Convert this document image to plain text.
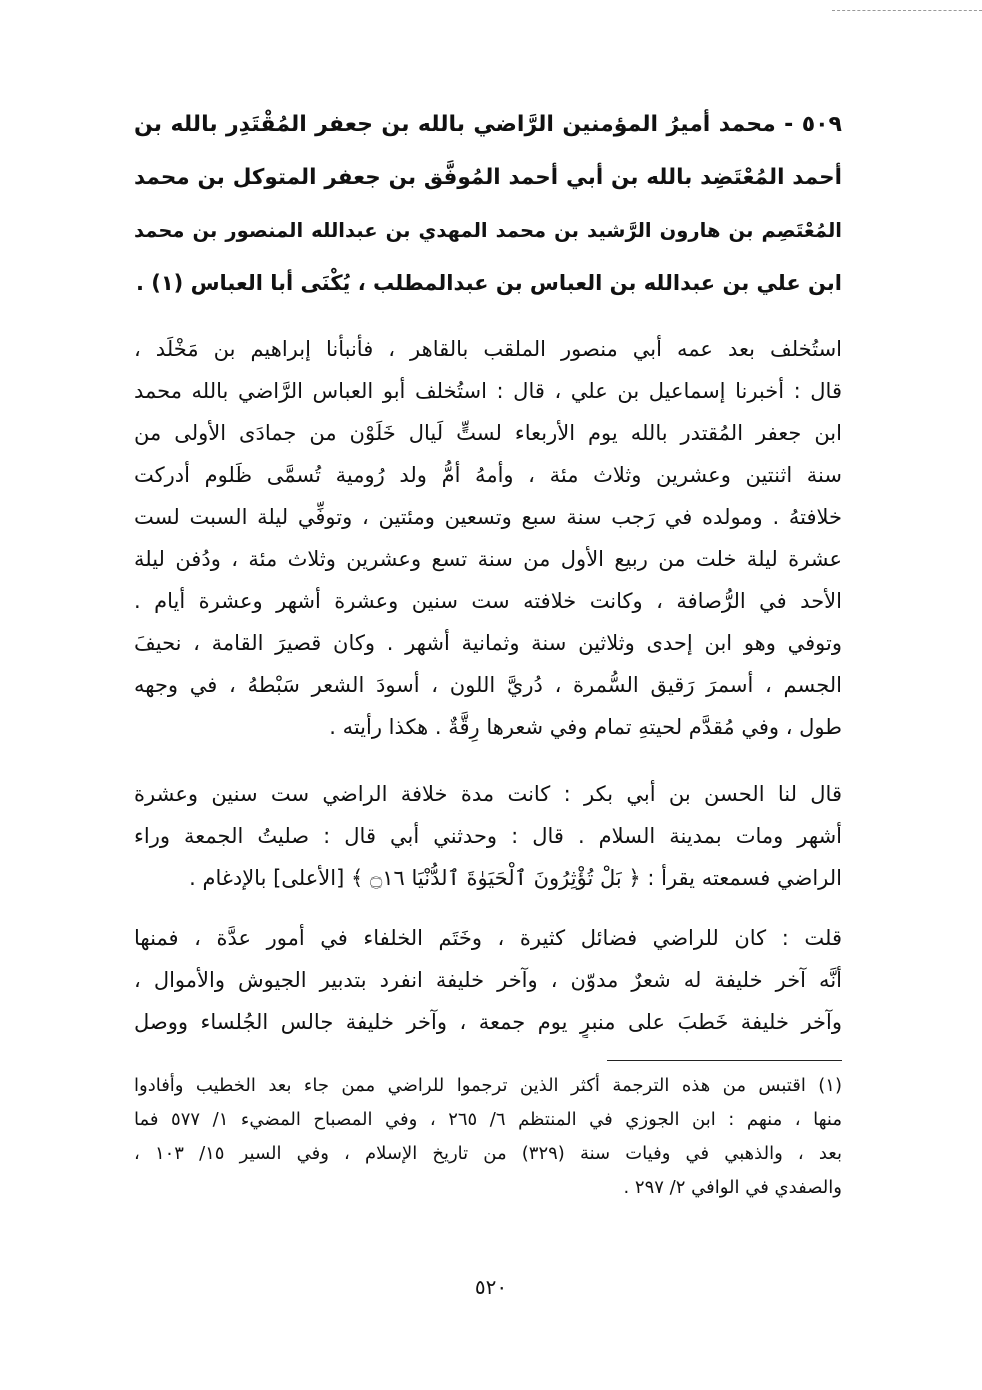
٥٠٩ - محمد أميرُ المؤمنين الرَّاضي بالله بن جعفر المُقْتَدِر بالله بن
أحمد المُعْتَضِد بالله بن أبي أحمد المُوفَّق بن جعفر المتوكل بن محمد
المُعْتَصِم بن هارون الرَّشيد بن محمد المهدي بن عبدالله المنصور بن محمد
ابن علي بن عبدالله بن العباس بن عبدالمطلب ، يُكْنَى أبا العباس (١) .
استُخلف بعد عمه أبي منصور الملقب بالقاهر ، فأنبأنا إبراهيم بن مَخْلَد ،
قال : أخبرنا إسماعيل بن علي ، قال : استُخلف أبو العباس الرَّاضي بالله محمد
ابن جعفر المُقتدر بالله يوم الأربعاء لستٍّ لَيال خَلَوْن من جمادَى الأولى من
سنة اثنتين وعشرين وثلاث مئة ، وأمهُ أمُّ ولد رُومية تُسمَّى ظَلوم أدركت
خلافتهُ . ومولده في رَجب سنة سبع وتسعين ومئتين ، وتوفِّي ليلة السبت لست
عشرة ليلة خلت من ربيع الأول من سنة تسع وعشرين وثلاث مئة ، ودُفن ليلة
الأحد في الرُّصافة ، وكانت خلافته ست سنين وعشرة أشهر وعشرة أيام .
وتوفي وهو ابن إحدى وثلاثين سنة وثمانية أشهر . وكان قصيرَ القامة ، نحيفَ
الجسم ، أسمرَ رَقيق السُّمرة ، دُريَّ اللون ، أسودَ الشعر سَبْطهُ ، في وجهه
طول ، وفي مُقدَّم لحيتهِ تمام وفي شعرها رِقَّةٌ . هكذا رأيته .
قال لنا الحسن بن أبي بكر : كانت مدة خلافة الراضي ست سنين وعشرة
أشهر ومات بمدينة السلام . قال : وحدثني أبي قال : صليتُ الجمعة وراء
الراضي فسمعته يقرأ : ﴿ بَلْ تُؤْثِرُونَ ٱلْحَيَوٰةَ ٱلدُّنْيَا ۝١٦ ﴾ [الأعلى] بالإدغام .
قلت : كان للراضي فضائل كثيرة ، وخَتَم الخلفاء في أمور عدَّة ، فمنها
أنَّه آخر خليفة له شعرٌ مدوّن ، وآخر خليفة انفرد بتدبير الجيوش والأموال ،
وآخر خليفة خَطبَ على منبرٍ يوم جمعة ، وآخر خليفة جالس الجُلساء ووصل
(١) اقتبس من هذه الترجمة أكثر الذين ترجموا للراضي ممن جاء بعد الخطيب وأفادوا
منها ، منهم : ابن الجوزي في المنتظم ٦/ ٢٦٥ ، وفي المصباح المضيء ١/ ٥٧٧ فما
بعد ، والذهبي في وفيات سنة (٣٢٩) من تاريخ الإسلام ، وفي السير ١٥/ ١٠٣ ،
والصفدي في الوافي ٢/ ٢٩٧ .
٥٢٠
